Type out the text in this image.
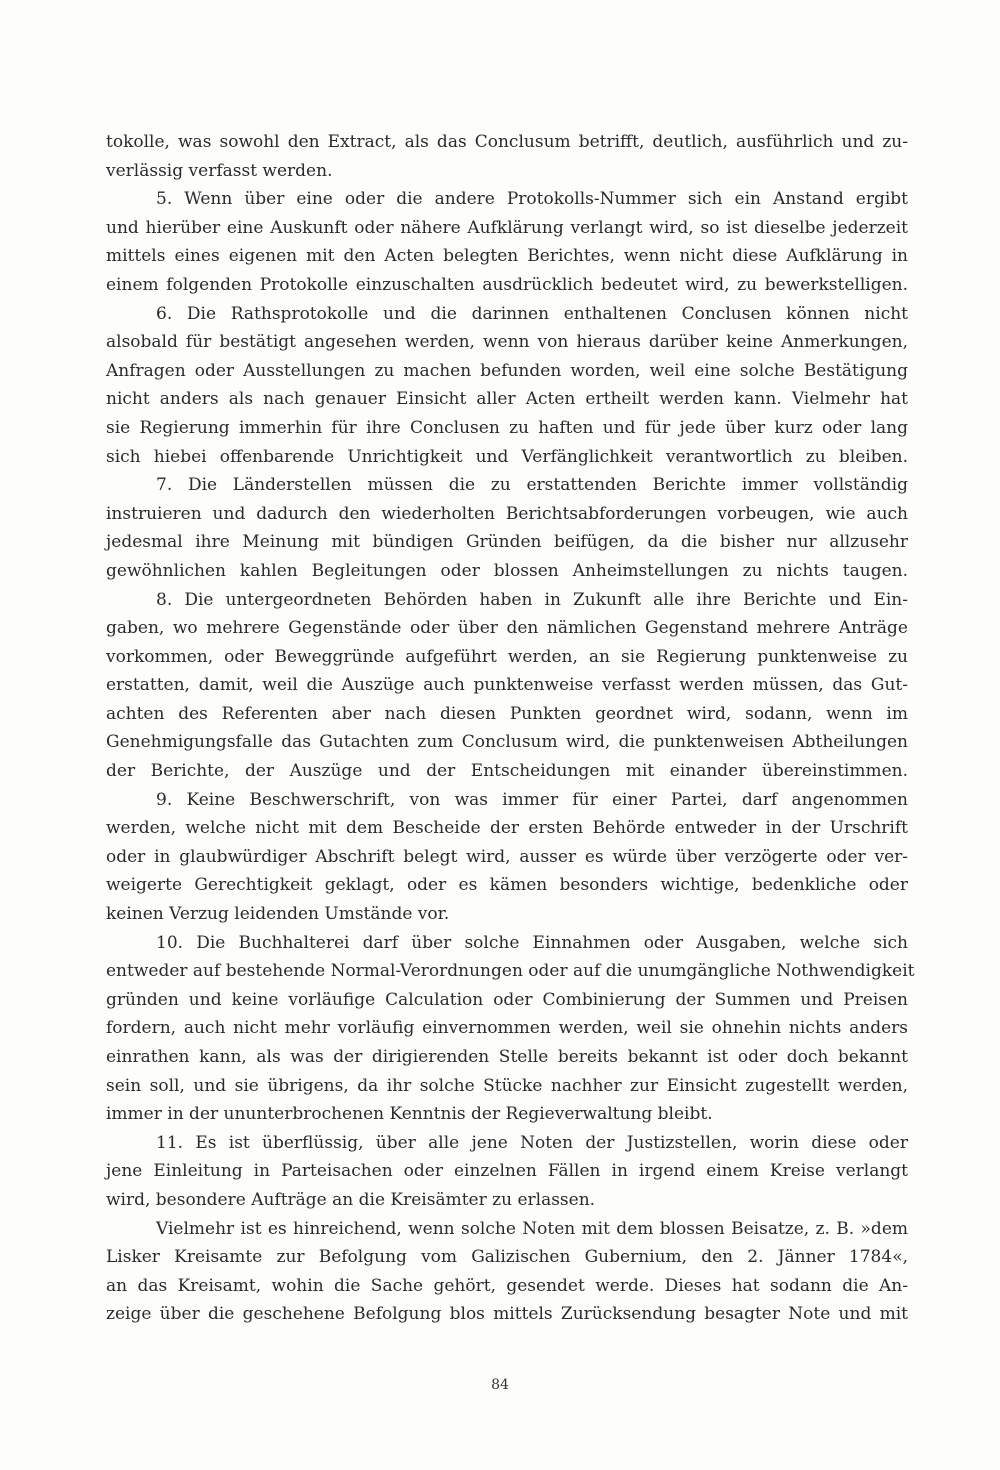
tokolle, was sowohl den Extract, als das Conclusum betrifft, deutlich, ausführlich und zu-
verlässig verfasst werden.
5. Wenn über eine oder die andere Protokolls-Nummer sich ein Anstand ergibt
und hierüber eine Auskunft oder nähere Aufklärung verlangt wird, so ist dieselbe jederzeit
mittels eines eigenen mit den Acten belegten Berichtes, wenn nicht diese Aufklärung in
einem folgenden Protokolle einzuschalten ausdrücklich bedeutet wird, zu bewerkstelligen.
6. Die Rathsprotokolle und die darinnen enthaltenen Conclusen können nicht
alsobald für bestätigt angesehen werden, wenn von hieraus darüber keine Anmerkungen,
Anfragen oder Ausstellungen zu machen befunden worden, weil eine solche Bestätigung
nicht anders als nach genauer Einsicht aller Acten ertheilt werden kann. Vielmehr hat
sie Regierung immerhin für ihre Conclusen zu haften und für jede über kurz oder lang
sich hiebei offenbarende Unrichtigkeit und Verfänglichkeit verantwortlich zu bleiben.
7. Die Länderstellen müssen die zu erstattenden Berichte immer vollständig
instruieren und dadurch den wiederholten Berichtsabforderungen vorbeugen, wie auch
jedesmal ihre Meinung mit bündigen Gründen beifügen, da die bisher nur allzusehr
gewöhnlichen kahlen Begleitungen oder blossen Anheimstellungen zu nichts taugen.
8. Die untergeordneten Behörden haben in Zukunft alle ihre Berichte und Ein-
gaben, wo mehrere Gegenstände oder über den nämlichen Gegenstand mehrere Anträge
vorkommen, oder Beweggründe aufgeführt werden, an sie Regierung punktenweise zu
erstatten, damit, weil die Auszüge auch punktenweise verfasst werden müssen, das Gut-
achten des Referenten aber nach diesen Punkten geordnet wird, sodann, wenn im
Genehmigungsfalle das Gutachten zum Conclusum wird, die punktenweisen Abtheilungen
der Berichte, der Auszüge und der Entscheidungen mit einander übereinstimmen.
9. Keine Beschwerschrift, von was immer für einer Partei, darf angenommen
werden, welche nicht mit dem Bescheide der ersten Behörde entweder in der Urschrift
oder in glaubwürdiger Abschrift belegt wird, ausser es würde über verzögerte oder ver-
weigerte Gerechtigkeit geklagt, oder es kämen besonders wichtige, bedenkliche oder
keinen Verzug leidenden Umstände vor.
10. Die Buchhalterei darf über solche Einnahmen oder Ausgaben, welche sich
entweder auf bestehende Normal-Verordnungen oder auf die unumgängliche Nothwendigkeit
gründen und keine vorläufige Calculation oder Combinierung der Summen und Preisen
fordern, auch nicht mehr vorläufig einvernommen werden, weil sie ohnehin nichts anders
einrathen kann, als was der dirigierenden Stelle bereits bekannt ist oder doch bekannt
sein soll, und sie übrigens, da ihr solche Stücke nachher zur Einsicht zugestellt werden,
immer in der ununterbrochenen Kenntnis der Regieverwaltung bleibt.
11. Es ist überflüssig, über alle jene Noten der Justizstellen, worin diese oder
jene Einleitung in Parteisachen oder einzelnen Fällen in irgend einem Kreise verlangt
wird, besondere Aufträge an die Kreisämter zu erlassen.
Vielmehr ist es hinreichend, wenn solche Noten mit dem blossen Beisatze, z. B. »dem
Lisker Kreisamte zur Befolgung vom Galizischen Gubernium, den 2. Jänner 1784«,
an das Kreisamt, wohin die Sache gehört, gesendet werde. Dieses hat sodann die An-
zeige über die geschehene Befolgung blos mittels Zurücksendung besagter Note und mit
84
